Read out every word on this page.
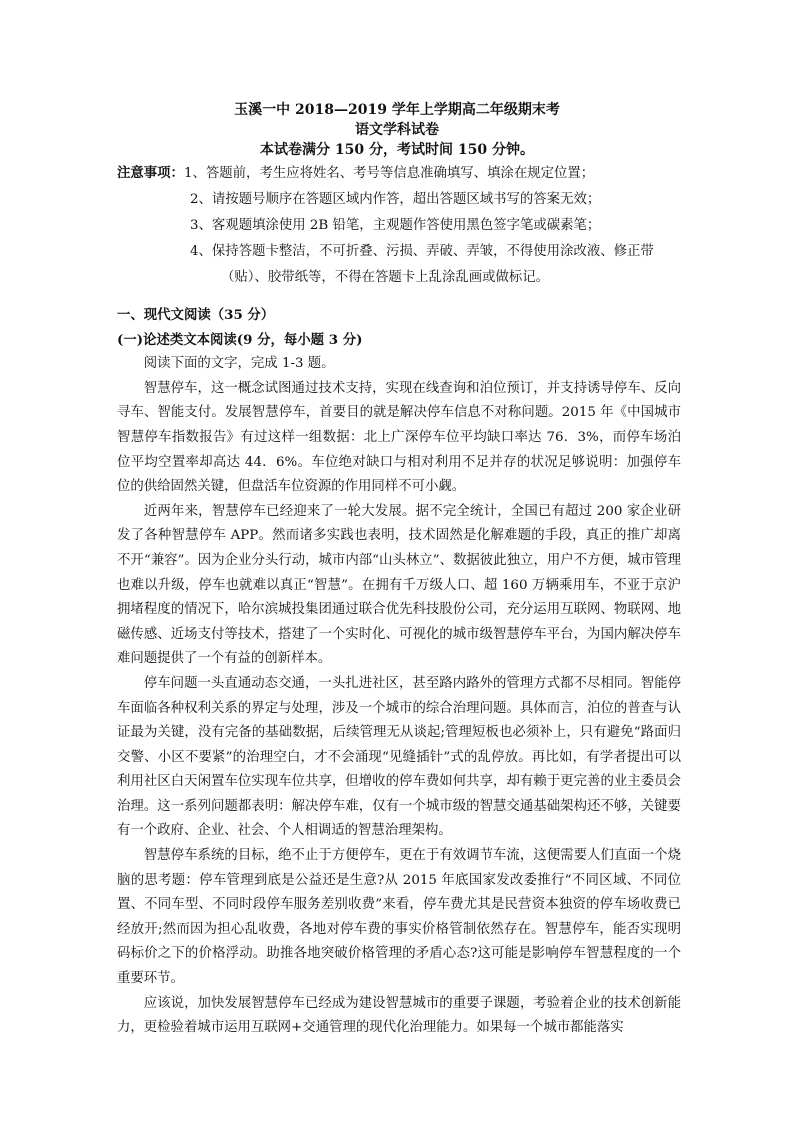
玉溪一中 2018—2019 学年上学期高二年级期末考
语文学科试卷
本试卷满分 150 分，考试时间 150 分钟。
注意事项：1、答题前，考生应将姓名、考号等信息准确填写、填涂在规定位置；
2、请按题号顺序在答题区域内作答，超出答题区域书写的答案无效；
3、客观题填涂使用 2B 铅笔，主观题作答使用黑色签字笔或碳素笔；
4、保持答题卡整洁，不可折叠、污损、弄破、弄皱，不得使用涂改液、修正带
（贴）、胶带纸等，不得在答题卡上乱涂乱画或做标记。
一、现代文阅读（35 分）
(一)论述类文本阅读(9 分，每小题 3 分)

阅读下面的文字，完成 1-3 题。

智慧停车，这一概念试图通过技术支持，实现在线查询和泊位预订，并支持诱导停车、反向寻车、智能支付。发展智慧停车，首要目的就是解决停车信息不对称问题。2015 年《中国城市智慧停车指数报告》有过这样一组数据：北上广深停车位平均缺口率达 76．3%，而停车场泊位平均空置率却高达 44．6%。车位绝对缺口与相对利用不足并存的状况足够说明：加强停车位的供给固然关键，但盘活车位资源的作用同样不可小觑。

近两年来，智慧停车已经迎来了一轮大发展。据不完全统计，全国已有超过 200 家企业研发了各种智慧停车 APP。然而诸多实践也表明，技术固然是化解难题的手段，真正的推广却离不开“兼容”。因为企业分头行动，城市内部“山头林立”、数据彼此独立，用户不方便，城市管理也难以升级，停车也就难以真正“智慧”。在拥有千万级人口、超 160 万辆乘用车，不亚于京沪拥堵程度的情况下，哈尔滨城投集团通过联合优先科技股份公司，充分运用互联网、物联网、地磁传感、近场支付等技术，搭建了一个实时化、可视化的城市级智慧停车平台，为国内解决停车难问题提供了一个有益的创新样本。

停车问题一头直通动态交通，一头扎进社区，甚至路内路外的管理方式都不尽相同。智能停车面临各种权利关系的界定与处理，涉及一个城市的综合治理问题。具体而言，泊位的普查与认证最为关键，没有完备的基础数据，后续管理无从谈起;管理短板也必须补上，只有避免“路面归交警、小区不要紧”的治理空白，才不会涌现“见缝插针”式的乱停放。再比如，有学者提出可以利用社区白天闲置车位实现车位共享，但增收的停车费如何共享，却有赖于更完善的业主委员会治理。这一系列问题都表明：解决停车难，仅有一个城市级的智慧交通基础架构还不够，关键要有一个政府、企业、社会、个人相调适的智慧治理架构。

智慧停车系统的目标，绝不止于方便停车，更在于有效调节车流，这便需要人们直面一个烧脑的思考题：停车管理到底是公益还是生意?从 2015 年底国家发改委推行“不同区域、不同位置、不同车型、不同时段停车服务差别收费”来看，停车费尤其是民营资本独资的停车场收费已经放开;然而因为担心乱收费，各地对停车费的事实价格管制依然存在。智慧停车，能否实现明码标价之下的价格浮动。助推各地突破价格管理的矛盾心态?这可能是影响停车智慧程度的一个重要环节。

应该说，加快发展智慧停车已经成为建设智慧城市的重要子课题，考验着企业的技术创新能力，更检验着城市运用互联网+交通管理的现代化治理能力。如果每一个城市都能落实
